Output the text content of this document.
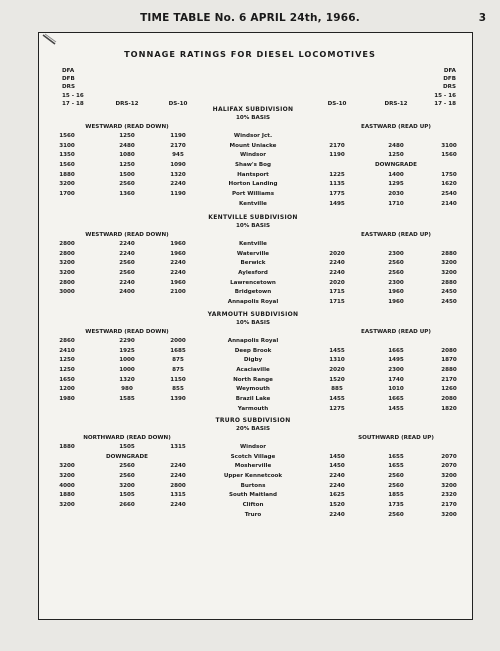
TIME TABLE No. 6 APRIL 24th, 1966.	3
TONNAGE RATINGS FOR DIESEL LOCOMOTIVES
DFA
DFB
DRS
15 - 16
17 - 18
DFA
DFB
DRS
15 - 16
17 - 18
DRS-12	DS-10	DS-10	DRS-12
HALIFAX SUBDIVISION
10% BASIS
WESTWARD (READ DOWN)	EASTWARD (READ UP)
1560	1250	1190	Windsor Jct.
3100	2480	2170	Mount Uniacke	2170	2480	3100
1350	1080	945	Windsor	1190	1250	1560
1560	1250	1090	Shaw's Bog	DOWNGRADE
1880	1500	1320	Hantsport	1225	1400	1750
3200	2560	2240	Horton Landing	1135	1295	1620
1700	1360	1190	Port Williams	1775	2030	2540
Kentville	1495	1710	2140
KENTVILLE SUBDIVISION
10% BASIS
WESTWARD (READ DOWN)	EASTWARD (READ UP)
2800	2240	1960	Kentville
2800	2240	1960	Waterville	2020	2300	2880
3200	2560	2240	Berwick	2240	2560	3200
3200	2560	2240	Aylesford	2240	2560	3200
2800	2240	1960	Lawrencetown	2020	2300	2880
3000	2400	2100	Bridgetown	1715	1960	2450
Annapolis Royal	1715	1960	2450
YARMOUTH SUBDIVISION
10% BASIS
WESTWARD (READ DOWN)	EASTWARD (READ UP)
2860	2290	2000	Annapolis Royal
2410	1925	1685	Deep Brook	1455	1665	2080
1250	1000	875	Digby	1310	1495	1870
1250	1000	875	Acaciaville	2020	2300	2880
1650	1320	1150	North Range	1520	1740	2170
1200	980	855	Weymouth	885	1010	1260
1980	1585	1390	Brazil Lake	1455	1665	2080
Yarmouth	1275	1455	1820
TRURO SUBDIVISION
20% BASIS
NORTHWARD (READ DOWN)	SOUTHWARD (READ UP)
1880	1505	1315	Windsor
Scotch Village	1450	1655	2070
DOWNGRADE
3200	2560	2240	Mosherville	1450	1655	2070
3200	2560	2240	Upper Kennetcook	2240	2560	3200
4000	3200	2800	Burtons	2240	2560	3200
1880	1505	1315	South Maitland	1625	1855	2320
3200	2660	2240	Clifton	1520	1735	2170
Truro	2240	2560	3200
